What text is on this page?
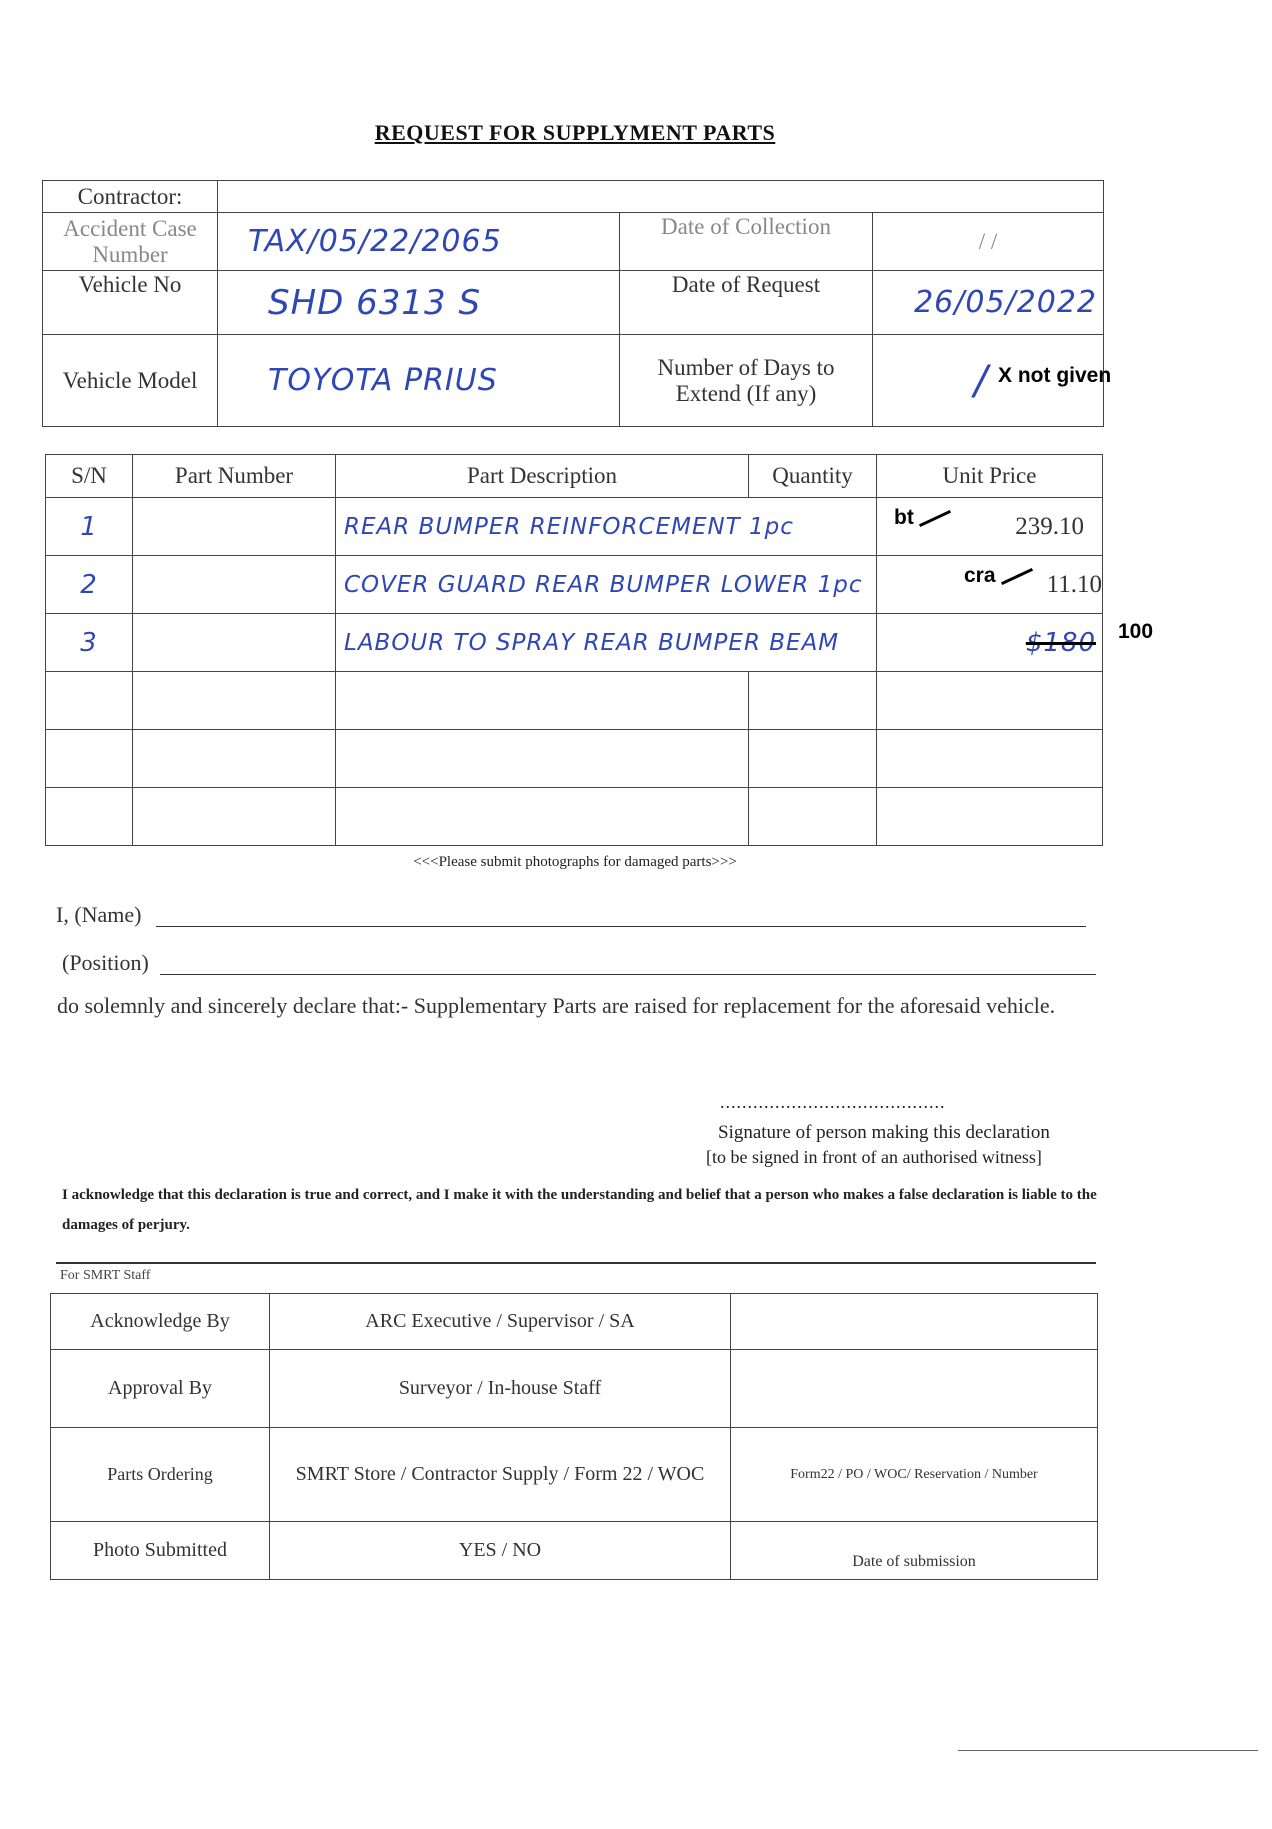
REQUEST FOR SUPPLYMENT PARTS
Contractor:			
Accident Case Number	TAX/05/22/2065	Date of Collection	/ /
Vehicle No	SHD 6313 S	Date of Request	26/05/2022
Vehicle Model	TOYOTA PRIUS	Number of Days to Extend (If any)	/ X not given
S/N	Part Number	Part Description	Quantity	Unit Price
1		REAR BUMPER REINFORCEMENT 1pc		239.10
2		COVER GUARD REAR BUMPER LOWER 1pc		11.10
3		LABOUR TO SPRAY REAR BUMPER BEAM		$180

bt
cra
100
<<<Please submit photographs for damaged parts>>>
I, (Name)
(Position)
do solemnly and sincerely declare that:- Supplementary Parts are raised for replacement for the aforesaid vehicle.
.........................................
Signature of person making this declaration
[to be signed in front of an authorised witness]
I acknowledge that this declaration is true and correct, and I make it with the understanding and belief that a person who makes a false declaration is liable to the damages of perjury.
For SMRT Staff
Acknowledge By	ARC Executive / Supervisor / SA	
Approval By	Surveyor / In-house Staff	
Parts Ordering	SMRT Store / Contractor Supply / Form 22 / WOC	Form22 / PO / WOC/ Reservation / Number
Photo Submitted	YES / NO	Date of submission
